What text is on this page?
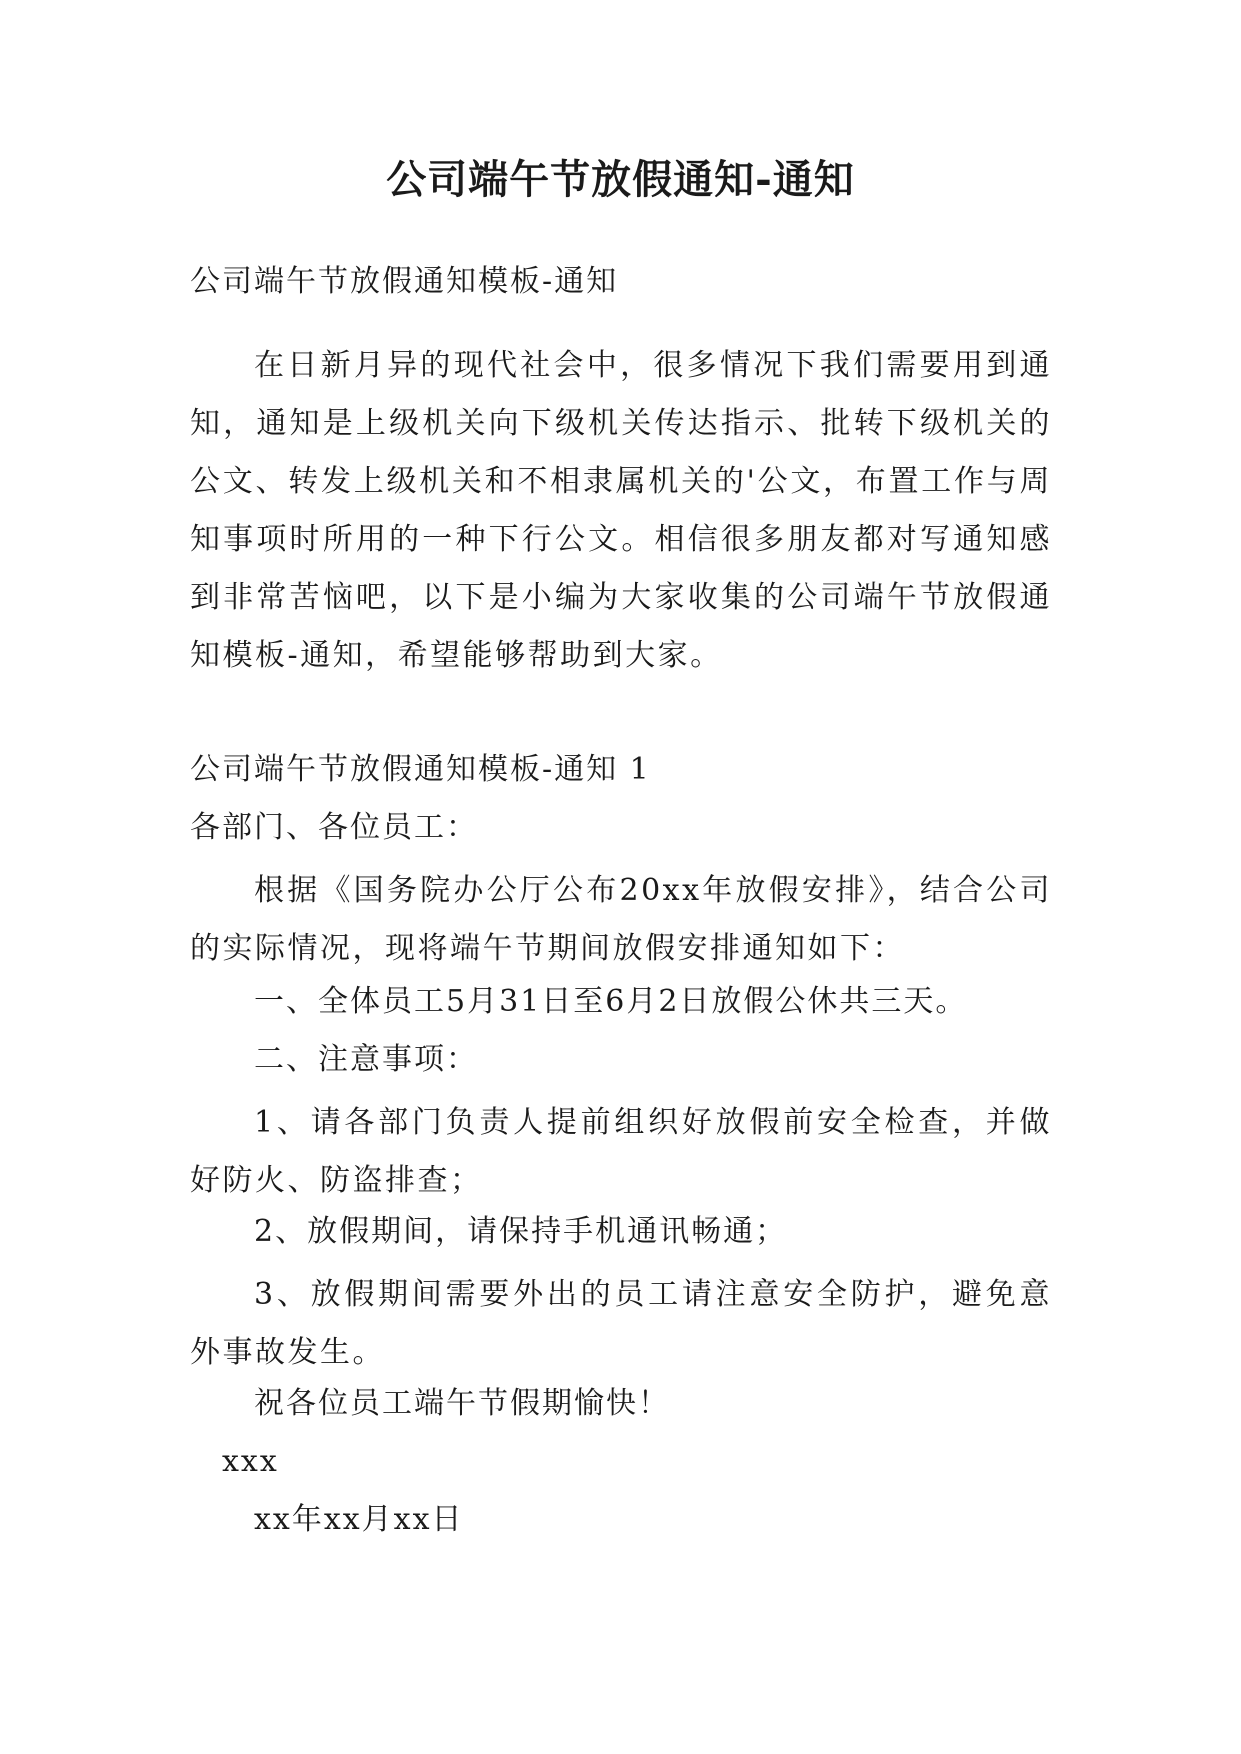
公司端午节放假通知-通知
公司端午节放假通知模板-通知
在日新月异的现代社会中，很多情况下我们需要用到通知，通知是上级机关向下级机关传达指示、批转下级机关的公文、转发上级机关和不相隶属机关的'公文，布置工作与周知事项时所用的一种下行公文。相信很多朋友都对写通知感到非常苦恼吧，以下是小编为大家收集的公司端午节放假通知模板-通知，希望能够帮助到大家。
公司端午节放假通知模板-通知 1
各部门、各位员工：
根据《国务院办公厅公布20xx年放假安排》，结合公司的实际情况，现将端午节期间放假安排通知如下：
一、全体员工5月31日至6月2日放假公休共三天。
二、注意事项：
1、请各部门负责人提前组织好放假前安全检查，并做好防火、防盗排查；
2、放假期间，请保持手机通讯畅通；
3、放假期间需要外出的员工请注意安全防护，避免意外事故发生。
祝各位员工端午节假期愉快！
xxx
xx年xx月xx日
